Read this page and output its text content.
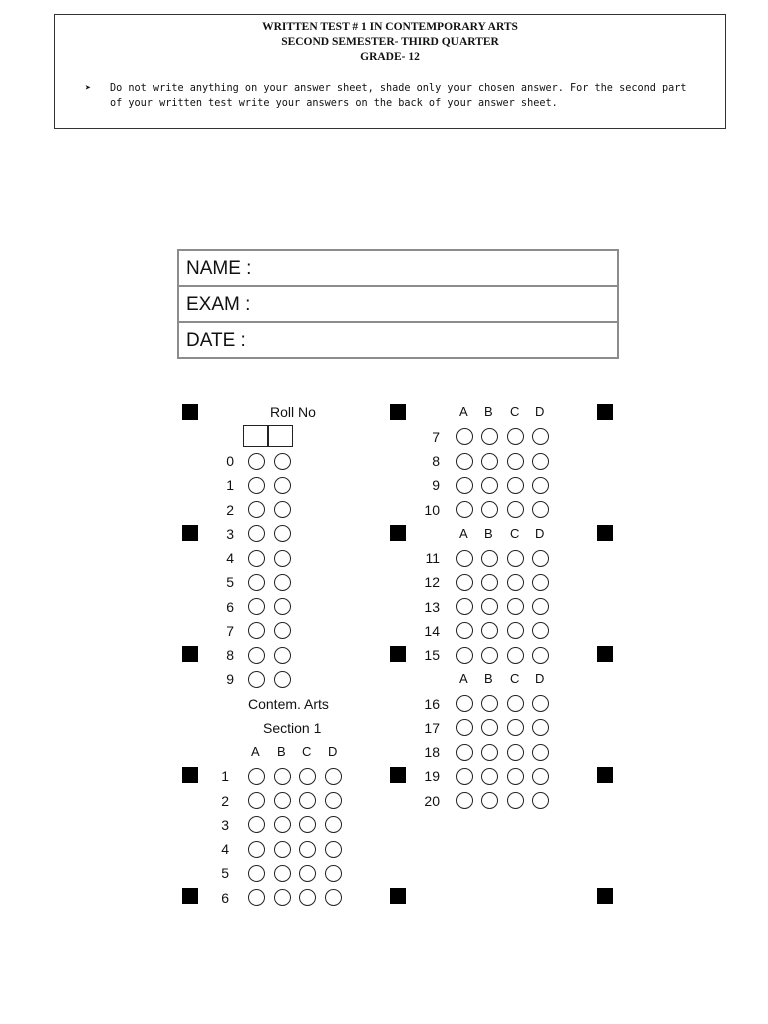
WRITTEN TEST # 1 IN CONTEMPORARY ARTS
SECOND SEMESTER- THIRD QUARTER
GRADE- 12
➤ Do not write anything on your answer sheet, shade only your chosen answer. For the second part
of your written test write your answers on the back of your answer sheet.
NAME :
EXAM :
DATE :
Roll No
0
1
2
3
4
5
6
7
8
9
Contem. Arts
Section 1
A B C D
1
2
3
4
5
6
A B C D
7
8
9
10
A B C D
11
12
13
14
15
A B C D
16
17
18
19
20
